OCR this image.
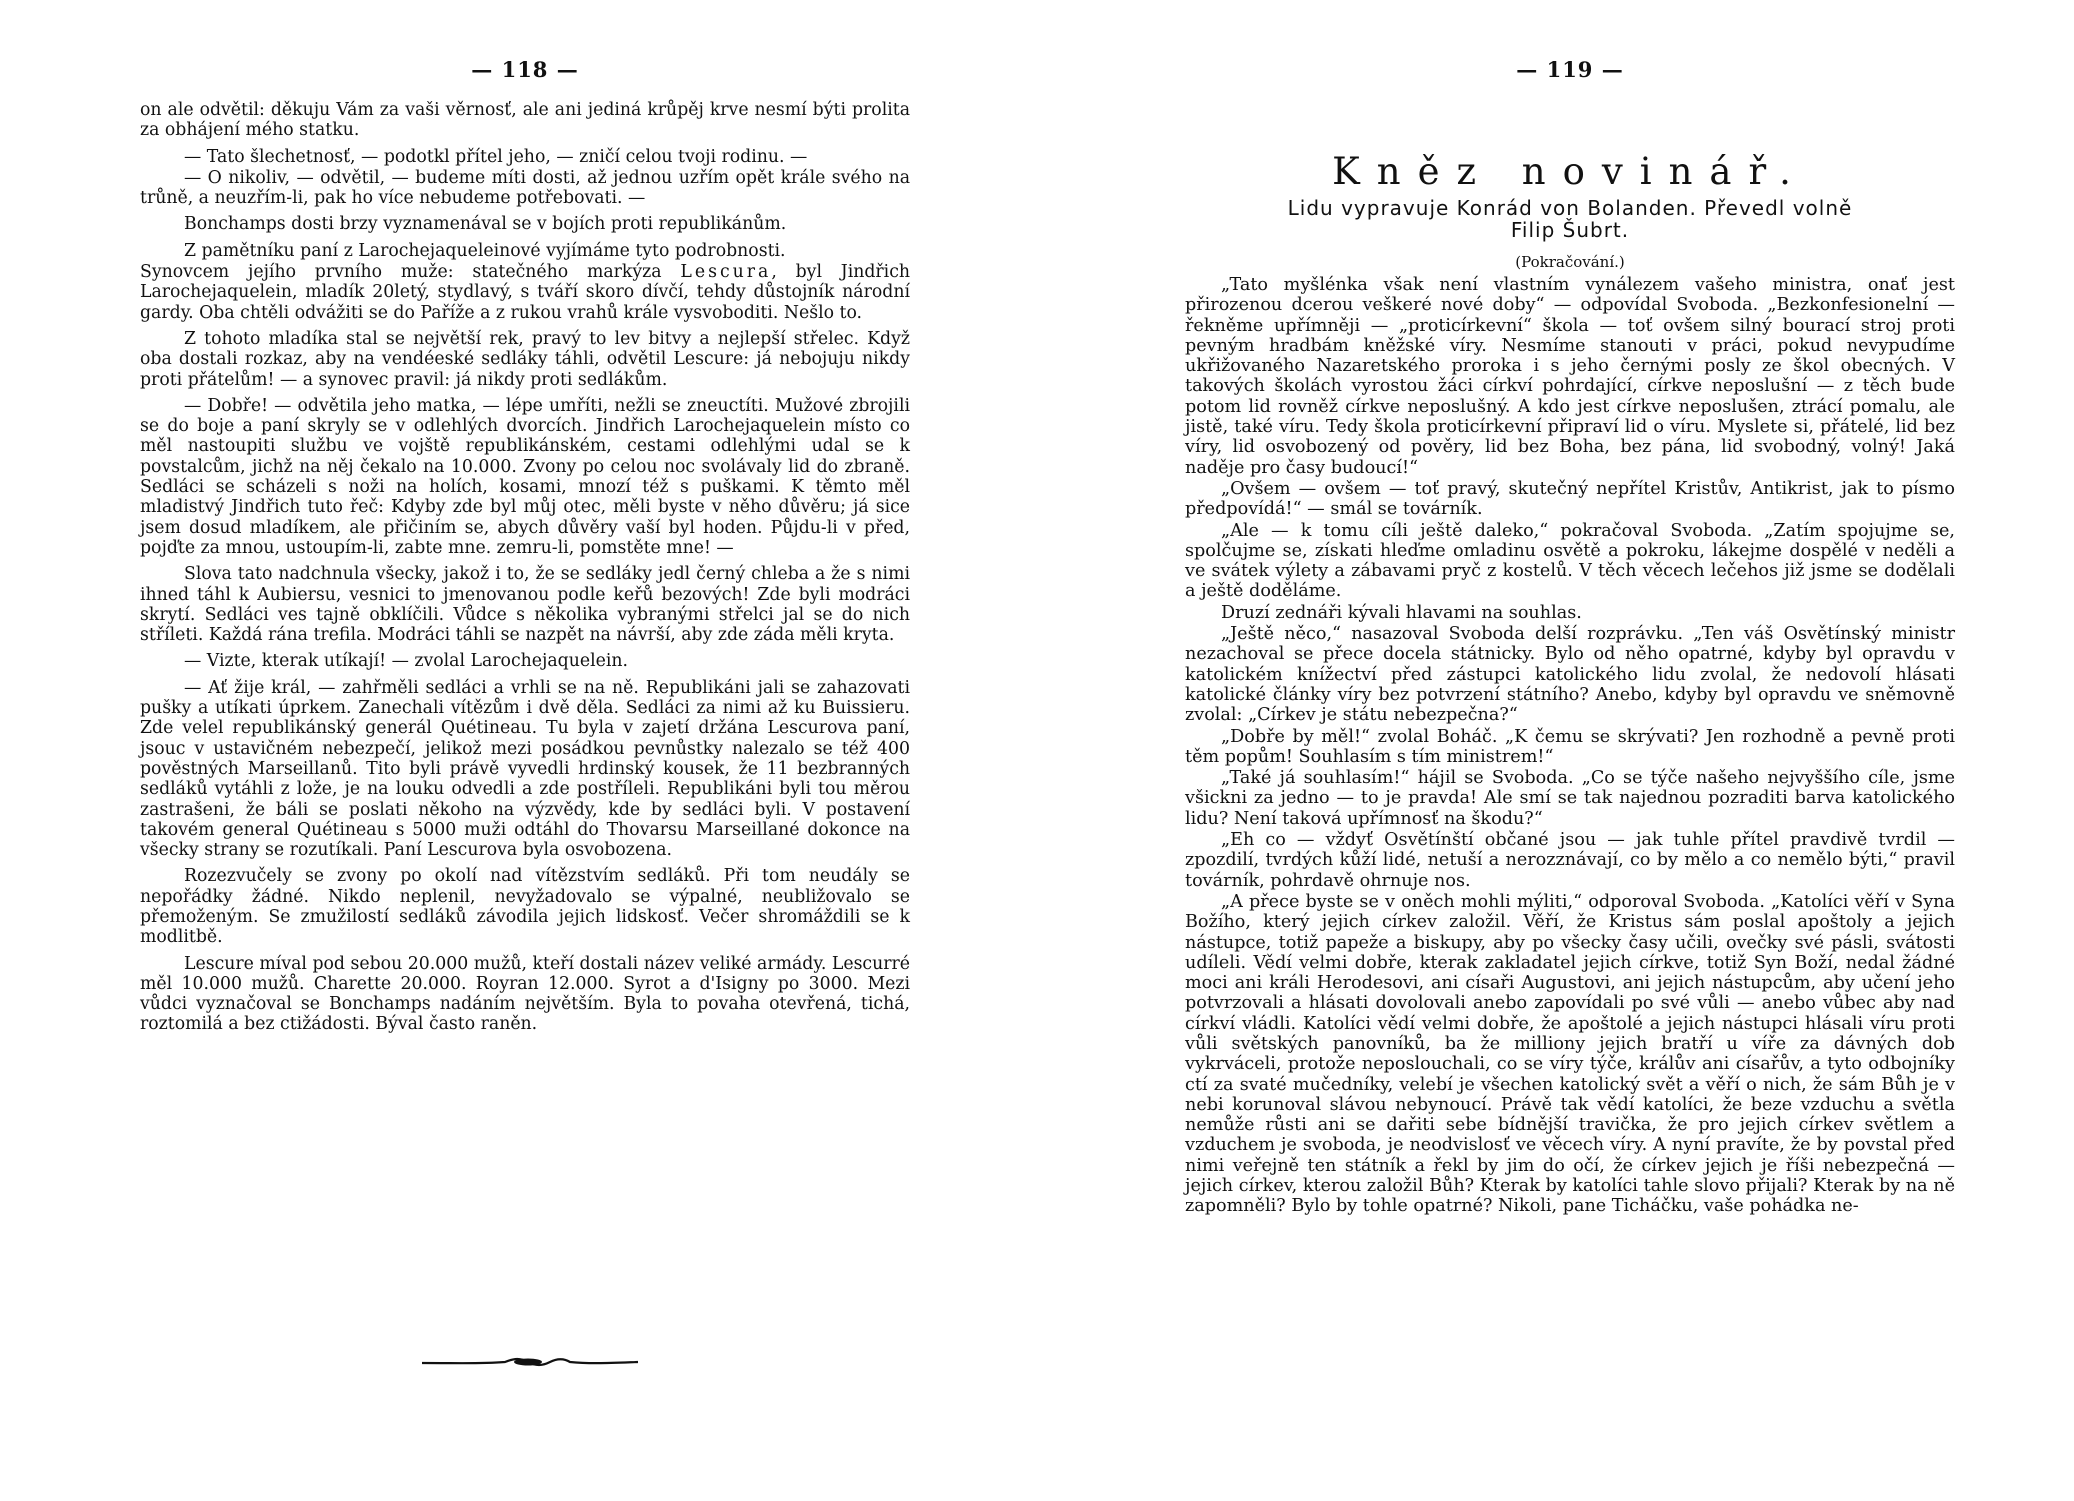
— 118 —

on ale odvětil: děkuju Vám za vaši věrnosť, ale ani jediná krůpěj krve nesmí býti prolita za obhájení mého statku.

— Tato šlechetnosť, — podotkl přítel jeho, — zničí celou tvoji rodinu. —

— O nikoliv, — odvětil, — budeme míti dosti, až jednou uzřím opět krále svého na trůně, a neuzřím-li, pak ho více nebudeme potřebovati. —

Bonchamps dosti brzy vyznamenával se v bojích proti republikánům.

Z pamětníku paní z Larochejaqueleinové vyjímáme tyto podrobnosti.

Synovcem jejího prvního muže: statečného markýza Lescura, byl Jindřich Larochejaquelein, mladík 20letý, stydlavý, s tváří skoro dívčí, tehdy důstojník národní gardy. Oba chtěli odvážiti se do Paříže a z rukou vrahů krále vysvoboditi. Nešlo to.

Z tohoto mladíka stal se největší rek, pravý to lev bitvy a nejlepší střelec. Když oba dostali rozkaz, aby na vendéeské sedláky táhli, odvětil Lescure: já nebojuju nikdy proti přátelům! — a synovec pravil: já nikdy proti sedlákům.

— Dobře! — odvětila jeho matka, — lépe umříti, nežli se zneuctíti. Mužové zbrojili se do boje a paní skryly se v odlehlých dvorcích. Jindřich Larochejaquelein místo co měl nastoupiti službu ve vojště republikánském, cestami odlehlými udal se k povstalcům, jichž na něj čekalo na 10.000. Zvony po celou noc svolávaly lid do zbraně. Sedláci se scházeli s noži na holích, kosami, mnozí též s puškami. K těmto měl mladistvý Jindřich tuto řeč: Kdyby zde byl můj otec, měli byste v něho důvěru; já sice jsem dosud mladíkem, ale přičiním se, abych důvěry vaší byl hoden. Půjdu-li v před, pojďte za mnou, ustoupím-li, zabte mne. zemru-li, pomstěte mne! —

Slova tato nadchnula všecky, jakož i to, že se sedláky jedl černý chleba a že s nimi ihned táhl k Aubiersu, vesnici to jmenovanou podle keřů bezových! Zde byli modráci skrytí. Sedláci ves tajně obklíčili. Vůdce s několika vybranými střelci jal se do nich stříleti. Každá rána trefila. Modráci táhli se nazpět na návrší, aby zde záda měli kryta.

— Vizte, kterak utíkají! — zvolal Larochejaquelein.

— Ať žije král, — zahřměli sedláci a vrhli se na ně. Republikáni jali se zahazovati pušky a utíkati úprkem. Zanechali vítězům i dvě děla. Sedláci za nimi až ku Buissieru. Zde velel republikánský generál Quétineau. Tu byla v zajetí držána Lescurova paní, jsouc v ustavičném nebezpečí, jelikož mezi posádkou pevnůstky nalezalo se též 400 pověstných Marseillanů. Tito byli právě vyvedli hrdinský kousek, že 11 bezbranných sedláků vytáhli z lože, je na louku odvedli a zde postříleli. Republikáni byli tou měrou zastrašeni, že báli se poslati někoho na výzvědy, kde by sedláci byli. V postavení takovém general Quétineau s 5000 muži odtáhl do Thovarsu Marseillané dokonce na všecky strany se rozutíkali. Paní Lescurova byla osvobozena.

Rozezvučely se zvony po okolí nad vítězstvím sedláků. Při tom neudály se nepořádky žádné. Nikdo neplenil, nevyžadovalo se výpalné, neubližovalo se přemoženým. Se zmužilostí sedláků závodila jejich lidskosť. Večer shromáždili se k modlitbě.

Lescure míval pod sebou 20.000 mužů, kteří dostali název veliké armády. Lescurré měl 10.000 mužů. Charette 20.000. Royran 12.000. Syrot a d'Isigny po 3000. Mezi vůdci vyznačoval se Bonchamps nadáním největším. Byla to povaha otevřená, tichá, roztomilá a bez ctižádosti. Býval často raněn.

— 119 —
Kněz novinář.
Lidu vypravuje Konrád von Bolanden. Převedl volně
Filip Šubrt.
(Pokračování.)

„Tato myšlénka však není vlastním vynálezem vašeho ministra, onať jest přirozenou dcerou veškeré nové doby“ — odpovídal Svoboda. „Bezkonfesionelní — řekněme upřímněji — „proticírkevní“ škola — toť ovšem silný bourací stroj proti pevným hradbám kněžské víry. Nesmíme stanouti v práci, pokud nevypudíme ukřižovaného Nazaretského proroka i s jeho černými posly ze škol obecných. V takových školách vyrostou žáci církví pohrdající, církve neposlušní — z těch bude potom lid rovněž církve neposlušný. A kdo jest církve neposlušen, ztrácí pomalu, ale jistě, také víru. Tedy škola proticírkevní připraví lid o víru. Myslete si, přátelé, lid bez víry, lid osvobozený od pověry, lid bez Boha, bez pána, lid svobodný, volný! Jaká naděje pro časy budoucí!“

„Ovšem — ovšem — toť pravý, skutečný nepřítel Kristův, Antikrist, jak to písmo předpovídá!“ — smál se továrník.

„Ale — k tomu cíli ještě daleko,“ pokračoval Svoboda. „Zatím spojujme se, spolčujme se, získati hleďme omladinu osvětě a pokroku, lákejme dospělé v neděli a ve svátek výlety a zábavami pryč z kostelů. V těch věcech lečehos již jsme se dodělali a ještě doděláme.

Druzí zednáři kývali hlavami na souhlas.

„Ještě něco,“ nasazoval Svoboda delší rozprávku. „Ten váš Osvětínský ministr nezachoval se přece docela státnicky. Bylo od něho opatrné, kdyby byl opravdu v katolickém knížectví před zástupci katolického lidu zvolal, že nedovolí hlásati katolické články víry bez potvrzení státního? Anebo, kdyby byl opravdu ve sněmovně zvolal: „Církev je státu nebezpečna?“

„Dobře by měl!“ zvolal Boháč. „K čemu se skrývati? Jen rozhodně a pevně proti těm popům! Souhlasím s tím ministrem!“

„Také já souhlasím!“ hájil se Svoboda. „Co se týče našeho nejvyššího cíle, jsme všickni za jedno — to je pravda! Ale smí se tak najednou pozraditi barva katolického lidu? Není taková upřímnosť na škodu?“

„Eh co — vždyť Osvětínští občané jsou — jak tuhle přítel pravdivě tvrdil — zpozdilí, tvrdých kůží lidé, netuší a nerozznávají, co by mělo a co nemělo býti,“ pravil továrník, pohrdavě ohrnuje nos.

„A přece byste se v oněch mohli mýliti,“ odporoval Svoboda. „Katolíci věří v Syna Božího, který jejich církev založil. Věří, že Kristus sám poslal apoštoly a jejich nástupce, totiž papeže a biskupy, aby po všecky časy učili, ovečky své pásli, svátosti udíleli. Vědí velmi dobře, kterak zakladatel jejich církve, totiž Syn Boží, nedal žádné moci ani králi Herodesovi, ani císaři Augustovi, ani jejich nástupcům, aby učení jeho potvrzovali a hlásati dovolovali anebo zapovídali po své vůli — anebo vůbec aby nad církví vládli. Katolíci vědí velmi dobře, že apoštolé a jejich nástupci hlásali víru proti vůli světských panovníků, ba že milliony jejich bratří u víře za dávných dob vykrváceli, protože neposlouchali, co se víry týče, králův ani císařův, a tyto odbojníky ctí za svaté mučedníky, velebí je všechen katolický svět a věří o nich, že sám Bůh je v nebi korunoval slávou nebynoucí. Právě tak vědí katolíci, že beze vzduchu a světla nemůže růsti ani se dařiti sebe bídnější travička, že pro jejich církev světlem a vzduchem je svoboda, je neodvislosť ve věcech víry. A nyní pravíte, že by povstal před nimi veřejně ten státník a řekl by jim do očí, že církev jejich je říši nebezpečná — jejich církev, kterou založil Bůh? Kterak by katolíci tahle slovo přijali? Kterak by na ně zapomněli? Bylo by tohle opatrné? Nikoli, pane Ticháčku, vaše pohádka ne-
